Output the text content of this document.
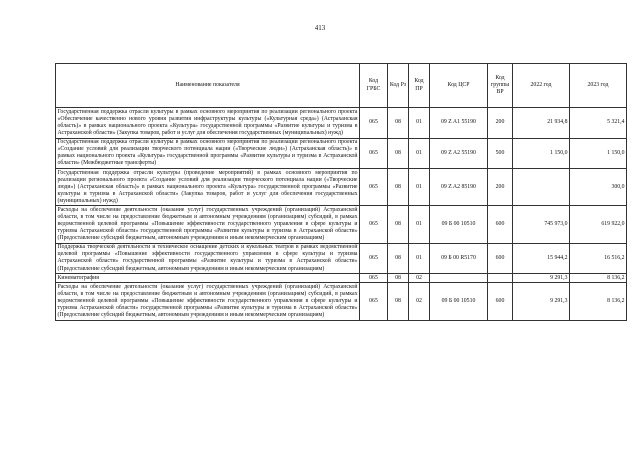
413
Наименование показателя	Код ГРБС	Код Рз	Код ПР	Код ЦСР	Код группы ВР	2022 год	2023 год
Государственная поддержка отрасли культуры в рамках основного мероприятия по реализации регионального проекта «Обеспечение качественно нового уровня развития инфраструктуры культуры («Культурная среда») (Астраханская область)» в рамках национального проекта «Культура» государственной программы «Развитие культуры и туризма в Астраханской области» (Закупка товаров, работ и услуг для обеспечения государственных (муниципальных) нужд)	065	08	01	09 Z A1 55190	200	21 934,8	5 321,4
Государственная поддержка отрасли культуры в рамках основного мероприятия по реализации регионального проекта «Создание условий для реализации творческого потенциала нации («Творческие люди») (Астраханская область)» в рамках национального проекта «Культура» государственной программы «Развитие культуры и туризма в Астраханской области» (Межбюджетные трансферты)	065	08	01	09 Z A2 55190	500	1 150,0	1 150,0
Государственная поддержка отрасли культуры (проведение мероприятий) в рамках основного мероприятия по реализации регионального проекта «Создание условий для реализации творческого потенциала нации («Творческие люди») (Астраханская область)» в рамках национального проекта «Культура» государственной программы «Развитие культуры и туризма в Астраханской области» (Закупка товаров, работ и услуг для обеспечения государственных (муниципальных) нужд)	065	08	01	09 Z A2 85190	200		300,0
Расходы на обеспечение деятельности (оказание услуг) государственных учреждений (организаций) Астраханской области, в том числе на предоставление бюджетным и автономным учреждениям (организациям) субсидий, в рамках ведомственной целевой программы «Повышение эффективности государственного управления в сфере культуры и туризма Астраханской области» государственной программы «Развитие культуры и туризма в Астраханской области» (Предоставление субсидий бюджетным, автономным учреждениям и иным некоммерческим организациям)	065	08	01	09 Б 00 10510	600	745 973,0	619 922,0
Поддержка творческой деятельности и техническое оснащение детских и кукольных театров в рамках ведомственной целевой программы «Повышение эффективности государственного управления в сфере культуры и туризма Астраханской области» государственной программы «Развитие культуры и туризма в Астраханской области» (Предоставление субсидий бюджетным, автономным учреждениям и иным некоммерческим организациям)	065	08	01	09 Б 00 R5170	600	15 944,2	16 516,2
Кинематография	065	08	02			9 291,3	8 136,2
Расходы на обеспечение деятельности (оказание услуг) государственных учреждений (организаций) Астраханской области, в том числе на предоставление бюджетным и автономным учреждениям (организациям) субсидий, в рамках ведомственной целевой программы «Повышение эффективности государственного управления в сфере культуры и туризма Астраханской области» государственной программы «Развитие культуры и туризма в Астраханской области» (Предоставление субсидий бюджетным, автономным учреждениям и иным некоммерческим организациям)	065	08	02	09 Б 00 10510	600	9 291,3	8 136,2
